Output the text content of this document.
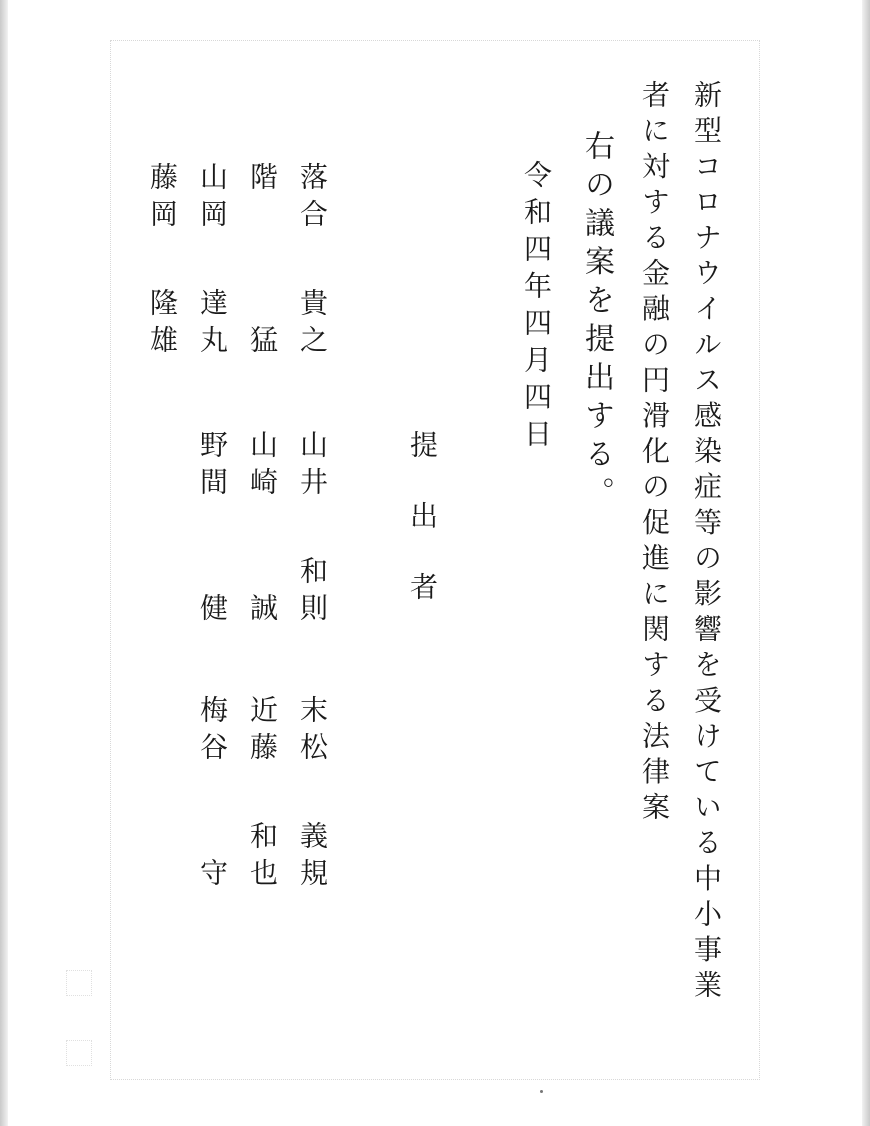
新型コロナウイルス感染症等の影響を受けている中小事業
者に対する金融の円滑化の促進に関する法律案
右の議案を提出する。
令和四年四月四日
提出者
落合貴之
階猛
山岡達丸
藤岡隆雄
山井和則
山崎誠
野間健
末松義規
近藤和也
梅谷守
